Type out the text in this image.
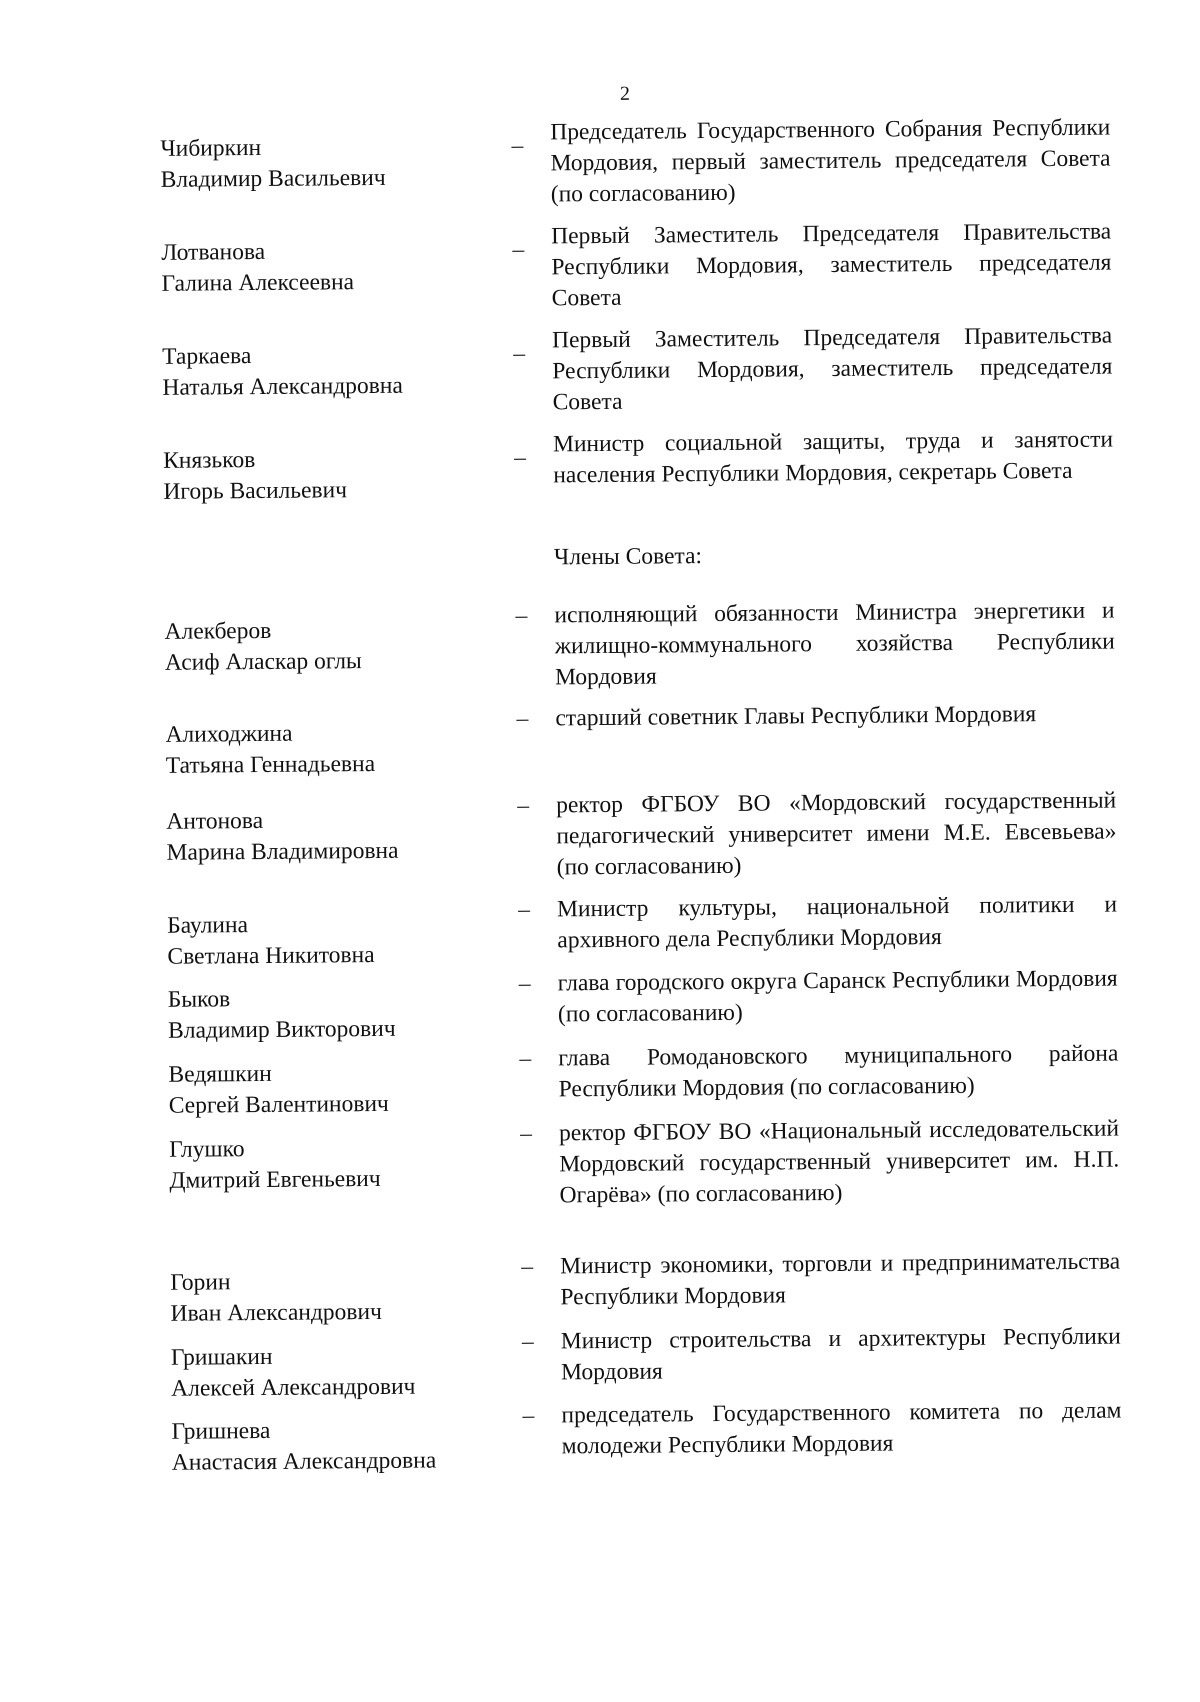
2
Чибиркин
Владимир Васильевич
–
Председатель Государственного Собрания Республики Мордовия, первый заместитель председателя Совета (по согласованию)
Лотванова
Галина Алексеевна
–
Первый Заместитель Председателя Правительства Республики Мордовия, заместитель председателя Совета
Таркаева
Наталья Александровна
–
Первый Заместитель Председателя Правительства Республики Мордовия, заместитель председателя Совета
Князьков
Игорь Васильевич
–
Министр социальной защиты, труда и занятости населения Республики Мордовия, секретарь Совета
Члены Совета:
Алекберов
Асиф Аласкар оглы
– исполняющий обязанности Министра энергетики и жилищно-коммунального хозяйства Республики Мордовия
Алиходжина
Татьяна Геннадьевна
– старший советник Главы Республики Мордовия
Антонова
Марина Владимировна
– ректор ФГБОУ ВО «Мордовский государственный педагогический университет имени М.Е. Евсевьева» (по согласованию)
Баулина
Светлана Никитовна
– Министр культуры, национальной политики и архивного дела Республики Мордовия
Быков
Владимир Викторович
– глава городского округа Саранск Республики Мордовия (по согласованию)
Ведяшкин
Сергей Валентинович
– глава Ромодановского муниципального района Республики Мордовия (по согласованию)
Глушко
Дмитрий Евгеньевич
– ректор ФГБОУ ВО «Национальный исследовательский Мордовский государственный университет им. Н.П. Огарёва» (по согласованию)
Горин
Иван Александрович
– Министр экономики, торговли и предпринимательства Республики Мордовия
Гришакин
Алексей Александрович
– Министр строительства и архитектуры Республики Мордовия
Гришнева
Анастасия Александровна
– председатель Государственного комитета по делам молодежи Республики Мордовия
